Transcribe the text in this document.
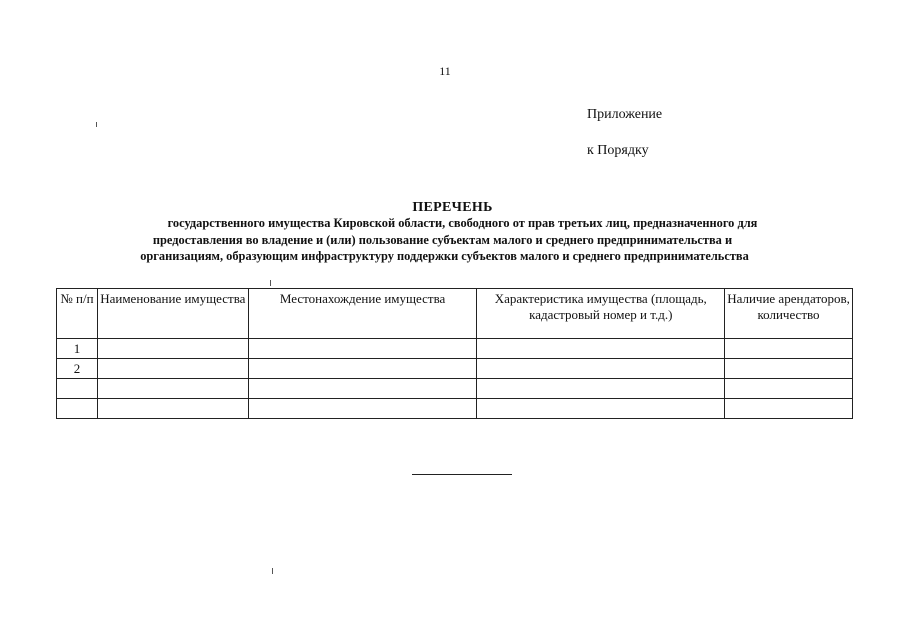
11
Приложение
к Порядку
ПЕРЕЧЕНЬ
государственного имущества Кировской области, свободного от прав третьих лиц, предназначенного для
предоставления во владение и (или) пользование субъектам малого и среднего предпринимательства и
организациям, образующим инфраструктуру поддержки субъектов малого и среднего предпринимательства
№ п/п	Наименование имущества	Местонахождение имущества	Характеристика имущества (площадь, кадастровый номер и т.д.)	Наличие арендаторов, количество
1				
2				
